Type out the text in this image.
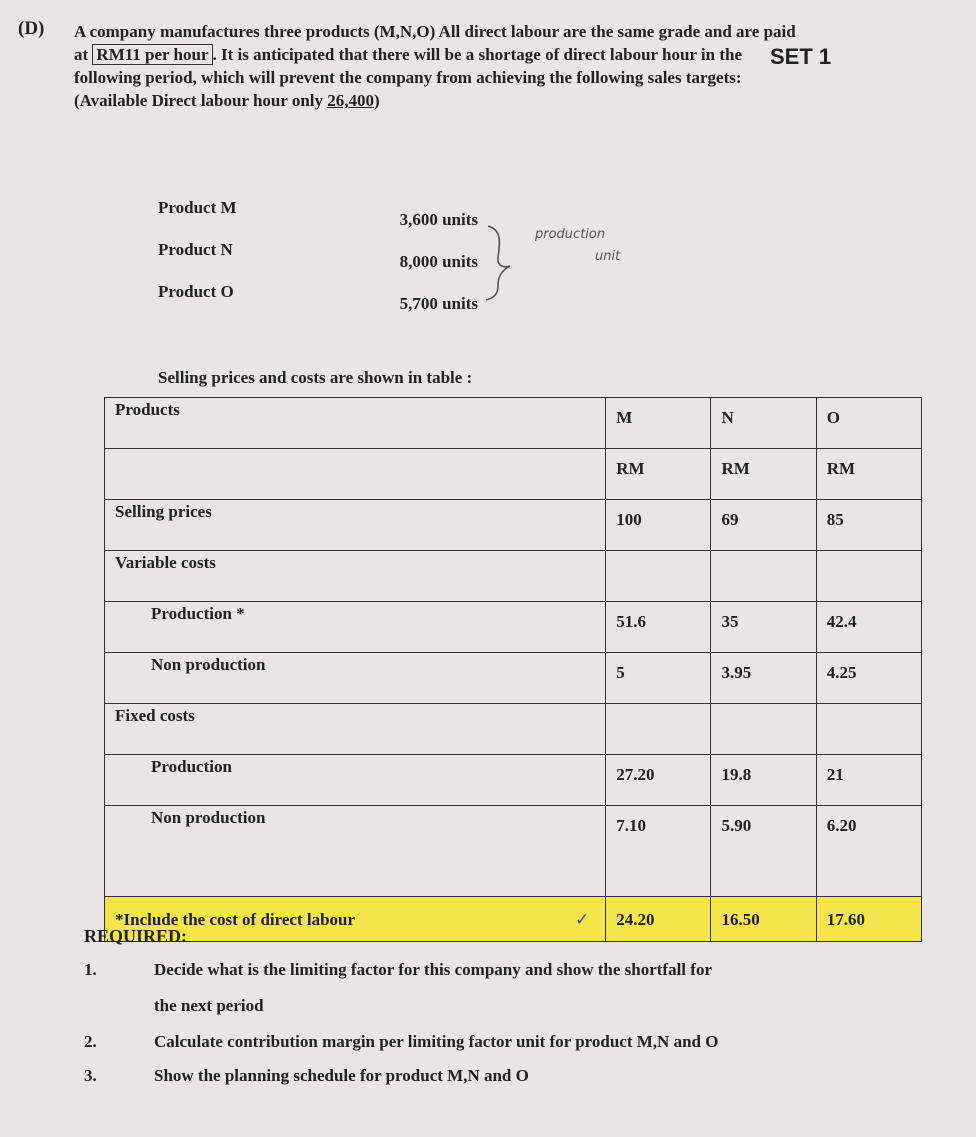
SET 1
(D) A company manufactures three products (M,N,O) All direct labour are the same grade and are paid at RM11 per hour . It is anticipated that there will be a shortage of direct labour hour in the following period, which will prevent the company from achieving the following sales targets: (Available Direct labour hour only 26,400)
Product M
3,600 units
Product N
8,000 units
Product O
5,700 units
production
unit
Selling prices and costs are shown in table :
Products	M	N	O
	RM	RM	RM
Selling prices	100	69	85
Variable costs			
Production *	51.6	35	42.4
Non production	5	3.95	4.25
Fixed costs			
Production	27.20	19.8	21
Non production	7.10	5.90	6.20
*Include the cost of direct labour ✓	24.20	16.50	17.60
REQUIRED:
1.	Decide what is the limiting factor for this company and show the shortfall for
the next period
2.	Calculate contribution margin per limiting factor unit for product M,N and O
3.	Show the planning schedule for product M,N and O
